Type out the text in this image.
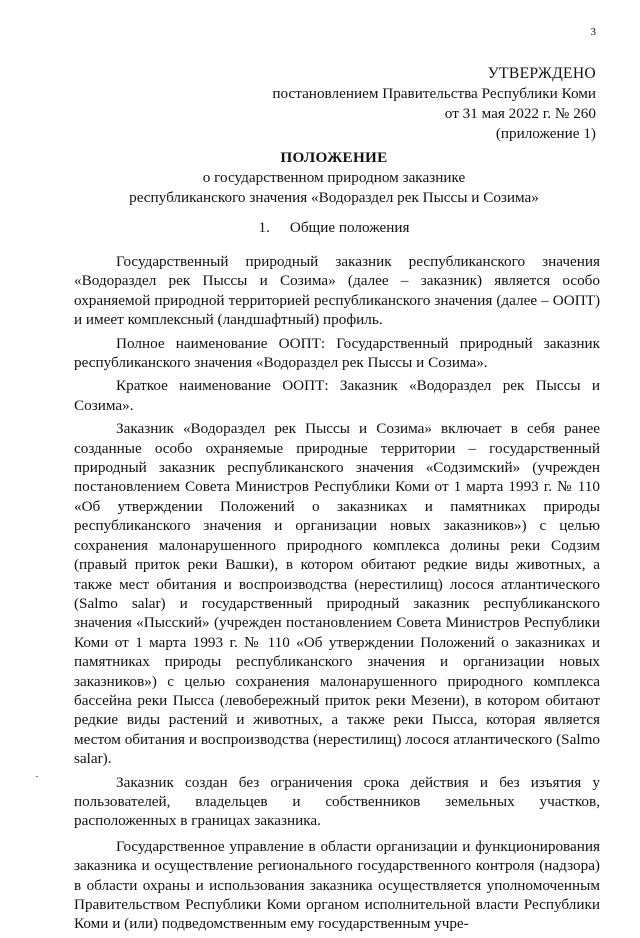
3
УТВЕРЖДЕНО
постановлением Правительства Республики Коми
от 31 мая 2022 г. № 260
(приложение 1)
ПОЛОЖЕНИЕ
о государственном природном заказнике
республиканского значения «Водораздел рек Пыссы и Созима»
1. Общие положения

Государственный природный заказник республиканского значения «Водораздел рек Пыссы и Созима» (далее – заказник) является особо охраняемой природной территорией республиканского значения (далее – ООПТ) и имеет комплексный (ландшафтный) профиль.

Полное наименование ООПТ: Государственный природный заказник республиканского значения «Водораздел рек Пыссы и Созима».

Краткое наименование ООПТ: Заказник «Водораздел рек Пыссы и Созима».

Заказник «Водораздел рек Пыссы и Созима» включает в себя ранее созданные особо охраняемые природные территории – государственный природный заказник республиканского значения «Содзимский» (учрежден постановлением Совета Министров Республики Коми от 1 марта 1993 г. № 110 «Об утверждении Положений о заказниках и памятниках природы республиканского значения и организации новых заказников») с целью сохранения малонарушенного природного комплекса долины реки Содзим (правый приток реки Вашки), в котором обитают редкие виды животных, а также мест обитания и воспроизводства (нерестилищ) лосося атлантического (Salmo salar) и государственный природный заказник республиканского значения «Пысский» (учрежден постановлением Совета Министров Республики Коми от 1 марта 1993 г. № 110 «Об утверждении Положений о заказниках и памятниках природы республиканского значения и организации новых заказников») с целью сохранения малонарушенного природного комплекса бассейна реки Пысса (левобережный приток реки Мезени), в котором обитают редкие виды растений и животных, а также реки Пысса, которая является местом обитания и воспроизводства (нерестилищ) лосося атлантического (Salmo salar).

Заказник создан без ограничения срока действия и без изъятия у пользователей, владельцев и собственников земельных участков, расположенных в границах заказника.

Государственное управление в области организации и функционирования заказника и осуществление регионального государственного контроля (надзора) в области охраны и использования заказника осуществляется уполномоченным Правительством Республики Коми органом исполнительной власти Республики Коми и (или) подведомственным ему государственным учре-
